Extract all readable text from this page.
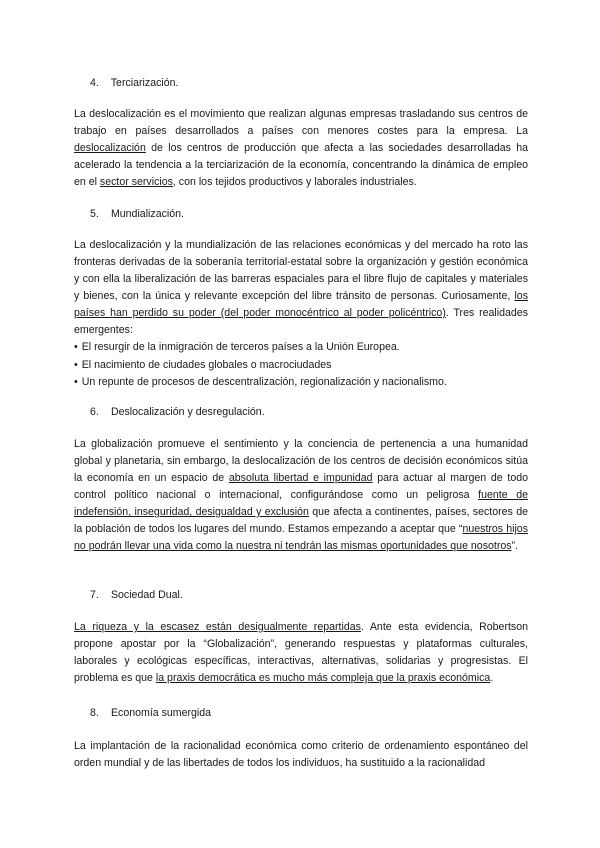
4. Terciarización.

La deslocalización es el movimiento que realizan algunas empresas trasladando sus centros de trabajo en países desarrollados a países con menores costes para la empresa. La deslocalización de los centros de producción que afecta a las sociedades desarrolladas ha acelerado la tendencia a la terciarización de la economía, concentrando la dinámica de empleo en el sector servicios, con los tejidos productivos y laborales industriales.

5. Mundialización.

La deslocalización y la mundialización de las relaciones económicas y del mercado ha roto las fronteras derivadas de la soberanía territorial-estatal sobre la organización y gestión económica y con ella la liberalización de las barreras espaciales para el libre flujo de capitales y materiales y bienes, con la única y relevante excepción del libre tránsito de personas. Curiosamente, los países han perdido su poder (del poder monocéntrico al poder policéntrico). Tres realidades emergentes:

• El resurgir de la inmigración de terceros países a la Unión Europea.
• El nacimiento de ciudades globales o macrociudades
• Un repunte de procesos de descentralización, regionalización y nacionalismo.
6. Deslocalización y desregulación.

La globalización promueve el sentimiento y la conciencia de pertenencia a una humanidad global y planetaria, sin embargo, la deslocalización de los centros de decisión económicos sitúa la economía en un espacio de absoluta libertad e impunidad para actuar al margen de todo control político nacional o internacional, configurándose como un peligrosa fuente de indefensión, inseguridad, desigualdad y exclusión que afecta a continentes, países, sectores de la población de todos los lugares del mundo. Estamos empezando a aceptar que “nuestros hijos no podrán llevar una vida como la nuestra ni tendrán las mismas oportunidades que nosotros”.

7. Sociedad Dual.

La riqueza y la escasez están desigualmente repartidas. Ante esta evidencia, Robertson propone apostar por la “Globalización”, generando respuestas y plataformas culturales, laborales y ecológicas específicas, interactivas, alternativas, solidarias y progresistas. El problema es que la praxis democrática es mucho más compleja que la praxis económica.

8. Economía sumergida

La implantación de la racionalidad económica como criterio de ordenamiento espontáneo del orden mundial y de las libertades de todos los individuos, ha sustituido a la racionalidad
